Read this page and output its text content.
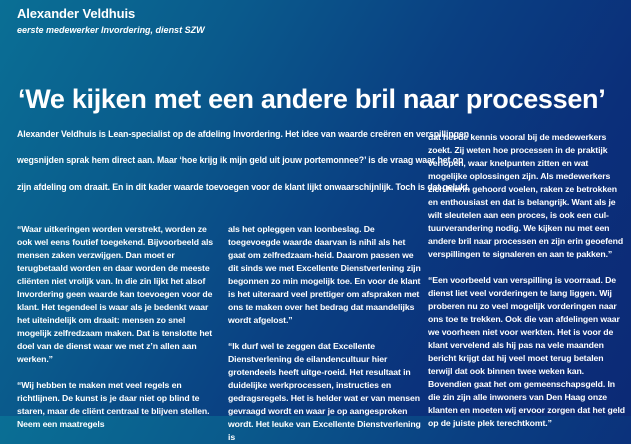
Alexander Veldhuis
eerste medewerker Invordering, dienst SZW
‘We kijken met een andere bril naar processen’
Alexander Veldhuis is Lean-specialist op de afdeling Invordering. Het idee van waarde creëren en verspillingen
wegsnijden sprak hem direct aan. Maar ‘hoe krijg ik mijn geld uit jouw portemonnee?’ is de vraag waar het op
zijn afdeling om draait. En in dit kader waarde toevoegen voor de klant lijkt onwaarschijnlijk. Toch is dat gelukt.

“Waar uitkeringen worden verstrekt, worden ze ook wel eens foutief toegekend. Bijvoorbeeld als mensen zaken verzwijgen. Dan moet er terugbetaald worden en daar worden de meeste cliënten niet vrolijk van. In die zin lijkt het alsof Invordering geen waarde kan toevoegen voor de klant. Het tegendeel is waar als je bedenkt waar het uiteindelijk om draait: mensen zo snel mogelijk zelfredzaam maken. Dat is tenslotte het doel van de dienst waar we met z’n allen aan werken.”

“Wij hebben te maken met veel regels en richtlijnen. De kunst is je daar niet op blind te staren, maar de cliënt centraal te blijven stellen. Neem een maatregels

als het opleggen van loonbeslag. De toegevoegde waarde daarvan is nihil als het gaat om zelfredzaam-heid. Daarom passen we dit sinds we met Excellente Dienstverlening zijn begonnen zo min mogelijk toe. En voor de klant is het uiteraard veel prettiger om afspraken met ons te maken over het bedrag dat maandelijks wordt afgelost.”

“Ik durf wel te zeggen dat Excellente Dienstverlening de eilandencultuur hier grotendeels heeft uitge-roeid. Het resultaat in duidelijke werkprocessen, instructies en gedragsregels. Het is helder wat er van mensen gevraagd wordt en waar je op aangesproken wordt. Het leuke van Excellente Dienstverlening is

dat het de kennis vooral bij de medewerkers zoekt. Zij weten hoe processen in de praktijk verlopen, waar knelpunten zitten en wat mogelijke oplossingen zijn. Als medewerkers zich hierin gehoord voelen, raken ze betrokken en enthousiast en dat is belangrijk. Want als je wilt sleutelen aan een proces, is ook een cul-tuurverandering nodig. We kijken nu met een andere bril naar processen en zijn erin geoefend verspillingen te signaleren en aan te pakken.”

“Een voorbeeld van verspilling is voorraad. De dienst liet veel vorderingen te lang liggen. Wij proberen nu zo veel mogelijk vorderingen naar ons toe te trekken. Ook die van afdelingen waar we voorheen niet voor werkten. Het is voor de klant vervelend als hij pas na vele maanden bericht krijgt dat hij veel moet terug betalen terwijl dat ook binnen twee weken kan. Bovendien gaat het om gemeenschapsgeld. In die zin zijn alle inwoners van Den Haag onze klanten en moeten wij ervoor zorgen dat het geld op de juiste plek terechtkomt.”
